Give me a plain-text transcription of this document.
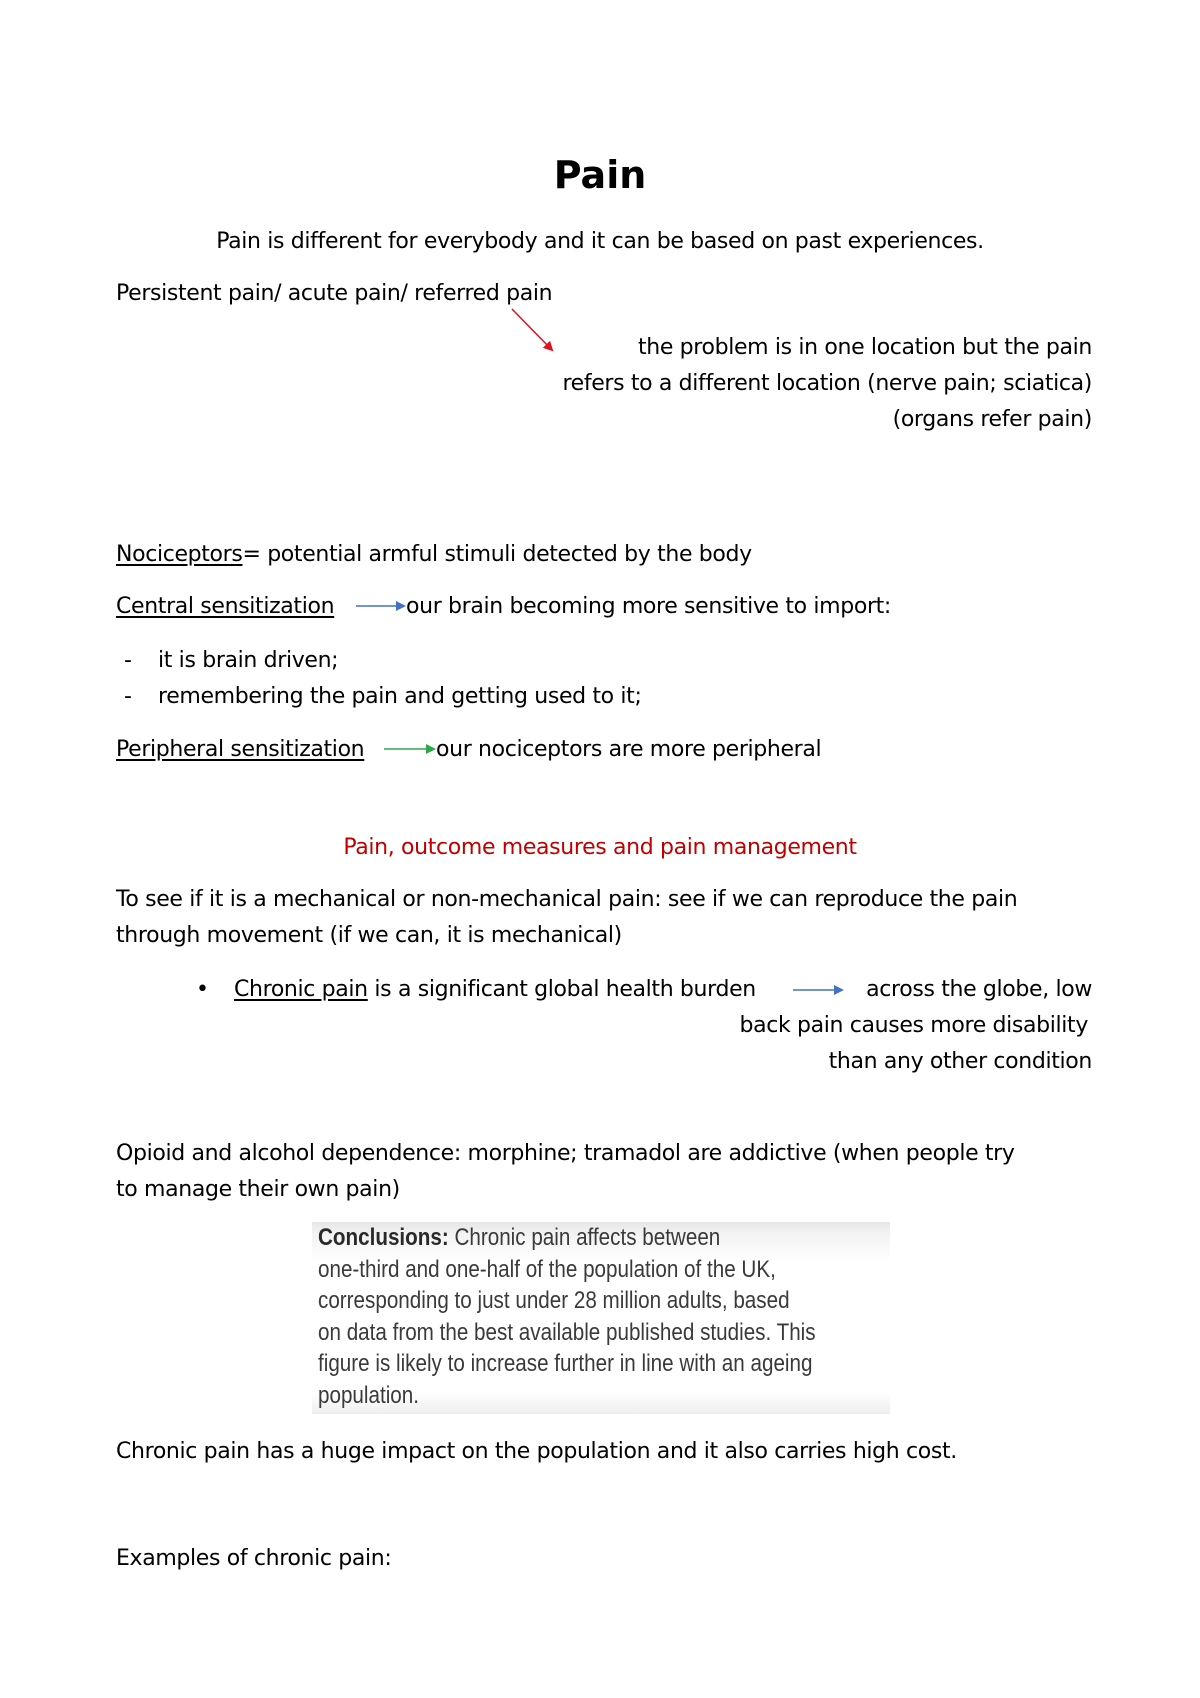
Pain
Pain is different for everybody and it can be based on past experiences.
Persistent pain/ acute pain/ referred pain
the problem is in one location but the pain
refers to a different location (nerve pain; sciatica)
(organs refer pain)
Nociceptors= potential armful stimuli detected by the body
Central sensitization	our brain becoming more sensitive to import:
- it is brain driven;
- remembering the pain and getting used to it;
Peripheral sensitization	our nociceptors are more peripheral
Pain, outcome measures and pain management
To see if it is a mechanical or non-mechanical pain: see if we can reproduce the pain
through movement (if we can, it is mechanical)
• Chronic pain is a significant global health burden	across the globe, low
back pain causes more disability
than any other condition
Opioid and alcohol dependence: morphine; tramadol are addictive (when people try
to manage their own pain)
Conclusions: Chronic pain affects between
one-third and one-half of the population of the UK,
corresponding to just under 28 million adults, based
on data from the best available published studies. This
figure is likely to increase further in line with an ageing
population.
Chronic pain has a huge impact on the population and it also carries high cost.
Examples of chronic pain:
